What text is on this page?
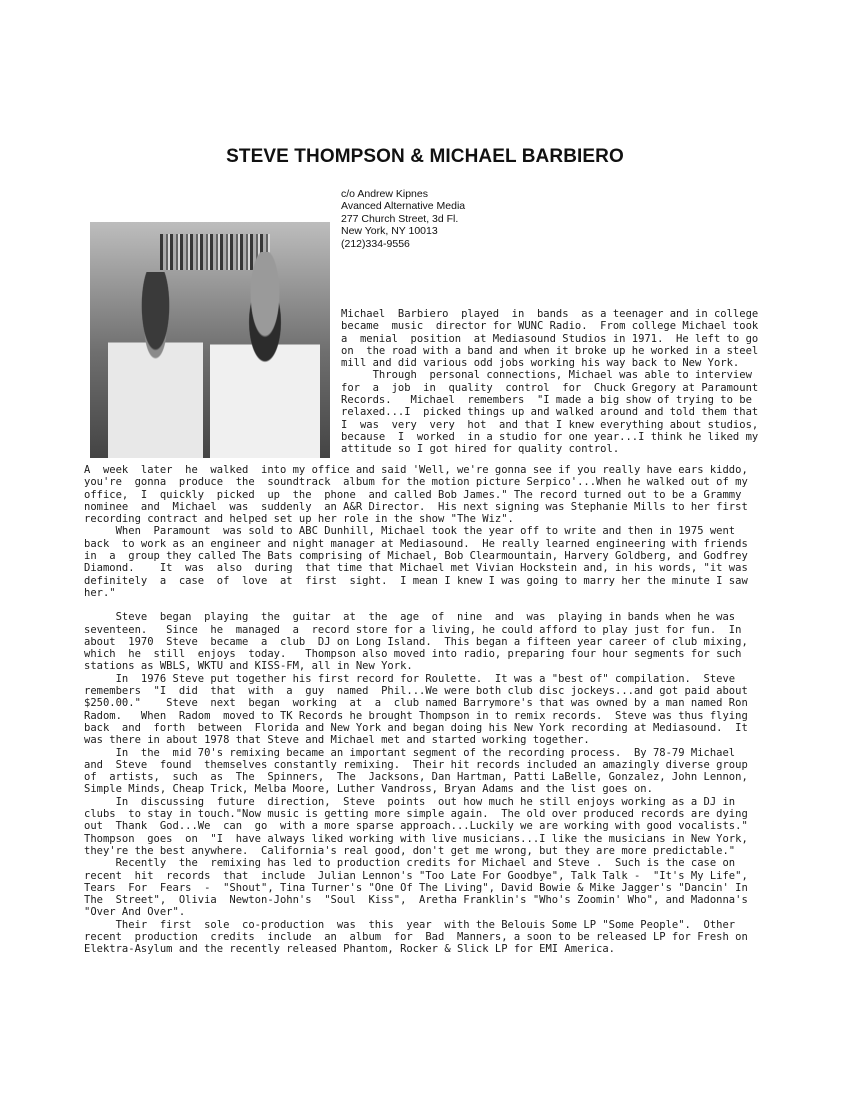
STEVE THOMPSON & MICHAEL BARBIERO
c/o Andrew Kipnes
Avanced Alternative Media
277 Church Street, 3d Fl.
New York, NY 10013
(212)334-9556
Michael  Barbiero  played  in  bands  as a teenager and in college
became  music  director for WUNC Radio.  From college Michael took
a  menial  position  at Mediasound Studios in 1971.  He left to go
on  the road with a band and when it broke up he worked in a steel
mill and did various odd jobs working his way back to New York.
Through  personal connections, Michael was able to interview
for  a  job  in  quality  control  for  Chuck Gregory at Paramount
Records.   Michael  remembers  "I made a big show of trying to be
relaxed...I  picked things up and walked around and told them that
I  was  very  very  hot  and that I knew everything about studios,
because  I  worked  in a studio for one year...I think he liked my
attitude so I got hired for quality control.
A  week  later  he  walked  into my office and said 'Well, we're gonna see if you really have ears kiddo,
you're  gonna  produce  the  soundtrack  album for the motion picture Serpico'...When he walked out of my
office,  I  quickly  picked  up  the  phone  and called Bob James." The record turned out to be a Grammy
nominee  and  Michael  was  suddenly  an A&R Director.  His next signing was Stephanie Mills to her first
recording contract and helped set up her role in the show "The Wiz".
When  Paramount  was sold to ABC Dunhill, Michael took the year off to write and then in 1975 went
back  to work as an engineer and night manager at Mediasound.  He really learned engineering with friends
in  a  group they called The Bats comprising of Michael, Bob Clearmountain, Harvery Goldberg, and Godfrey
Diamond.    It  was  also  during  that time that Michael met Vivian Hockstein and, in his words, "it was
definitely  a  case  of  love  at  first  sight.  I mean I knew I was going to marry her the minute I saw
her."
Steve  began  playing  the  guitar  at  the  age  of  nine  and  was  playing in bands when he was
seventeen.   Since  he  managed  a  record store for a living, he could afford to play just for fun.  In
about  1970  Steve  became  a  club  DJ on Long Island.  This began a fifteen year career of club mixing,
which  he  still  enjoys  today.   Thompson also moved into radio, preparing four hour segments for such
stations as WBLS, WKTU and KISS-FM, all in New York.
In  1976 Steve put together his first record for Roulette.  It was a "best of" compilation.  Steve
remembers  "I  did  that  with  a  guy  named  Phil...We were both club disc jockeys...and got paid about
$250.00."    Steve  next  began  working  at  a  club named Barrymore's that was owned by a man named Ron
Radom.   When  Radom  moved to TK Records he brought Thompson in to remix records.  Steve was thus flying
back  and  forth  between  Florida and New York and began doing his New York recording at Mediasound.  It
was there in about 1978 that Steve and Michael met and started working together.
In  the  mid 70's remixing became an important segment of the recording process.  By 78-79 Michael
and  Steve  found  themselves constantly remixing.  Their hit records included an amazingly diverse group
of  artists,  such  as  The  Spinners,  The  Jacksons, Dan Hartman, Patti LaBelle, Gonzalez, John Lennon,
Simple Minds, Cheap Trick, Melba Moore, Luther Vandross, Bryan Adams and the list goes on.
In  discussing  future  direction,  Steve  points  out how much he still enjoys working as a DJ in
clubs  to stay in touch."Now music is getting more simple again.  The old over produced records are dying
out  Thank  God...We  can  go  with a more sparse approach...Luckily we are working with good vocalists."
Thompson  goes  on  "I  have always liked working with live musicians...I like the musicians in New York,
they're the best anywhere.  California's real good, don't get me wrong, but they are more predictable."
Recently  the  remixing has led to production credits for Michael and Steve .  Such is the case on
recent  hit  records  that  include  Julian Lennon's "Too Late For Goodbye", Talk Talk -  "It's My Life",
Tears  For  Fears  -  "Shout", Tina Turner's "One Of The Living", David Bowie & Mike Jagger's "Dancin' In
The  Street",  Olivia  Newton-John's  "Soul  Kiss",  Aretha Franklin's "Who's Zoomin' Who", and Madonna's
"Over And Over".
Their  first  sole  co-production  was  this  year  with the Belouis Some LP "Some People".  Other
recent  production  credits  include  an  album  for  Bad  Manners, a soon to be released LP for Fresh on
Elektra-Asylum and the recently released Phantom, Rocker & Slick LP for EMI America.
